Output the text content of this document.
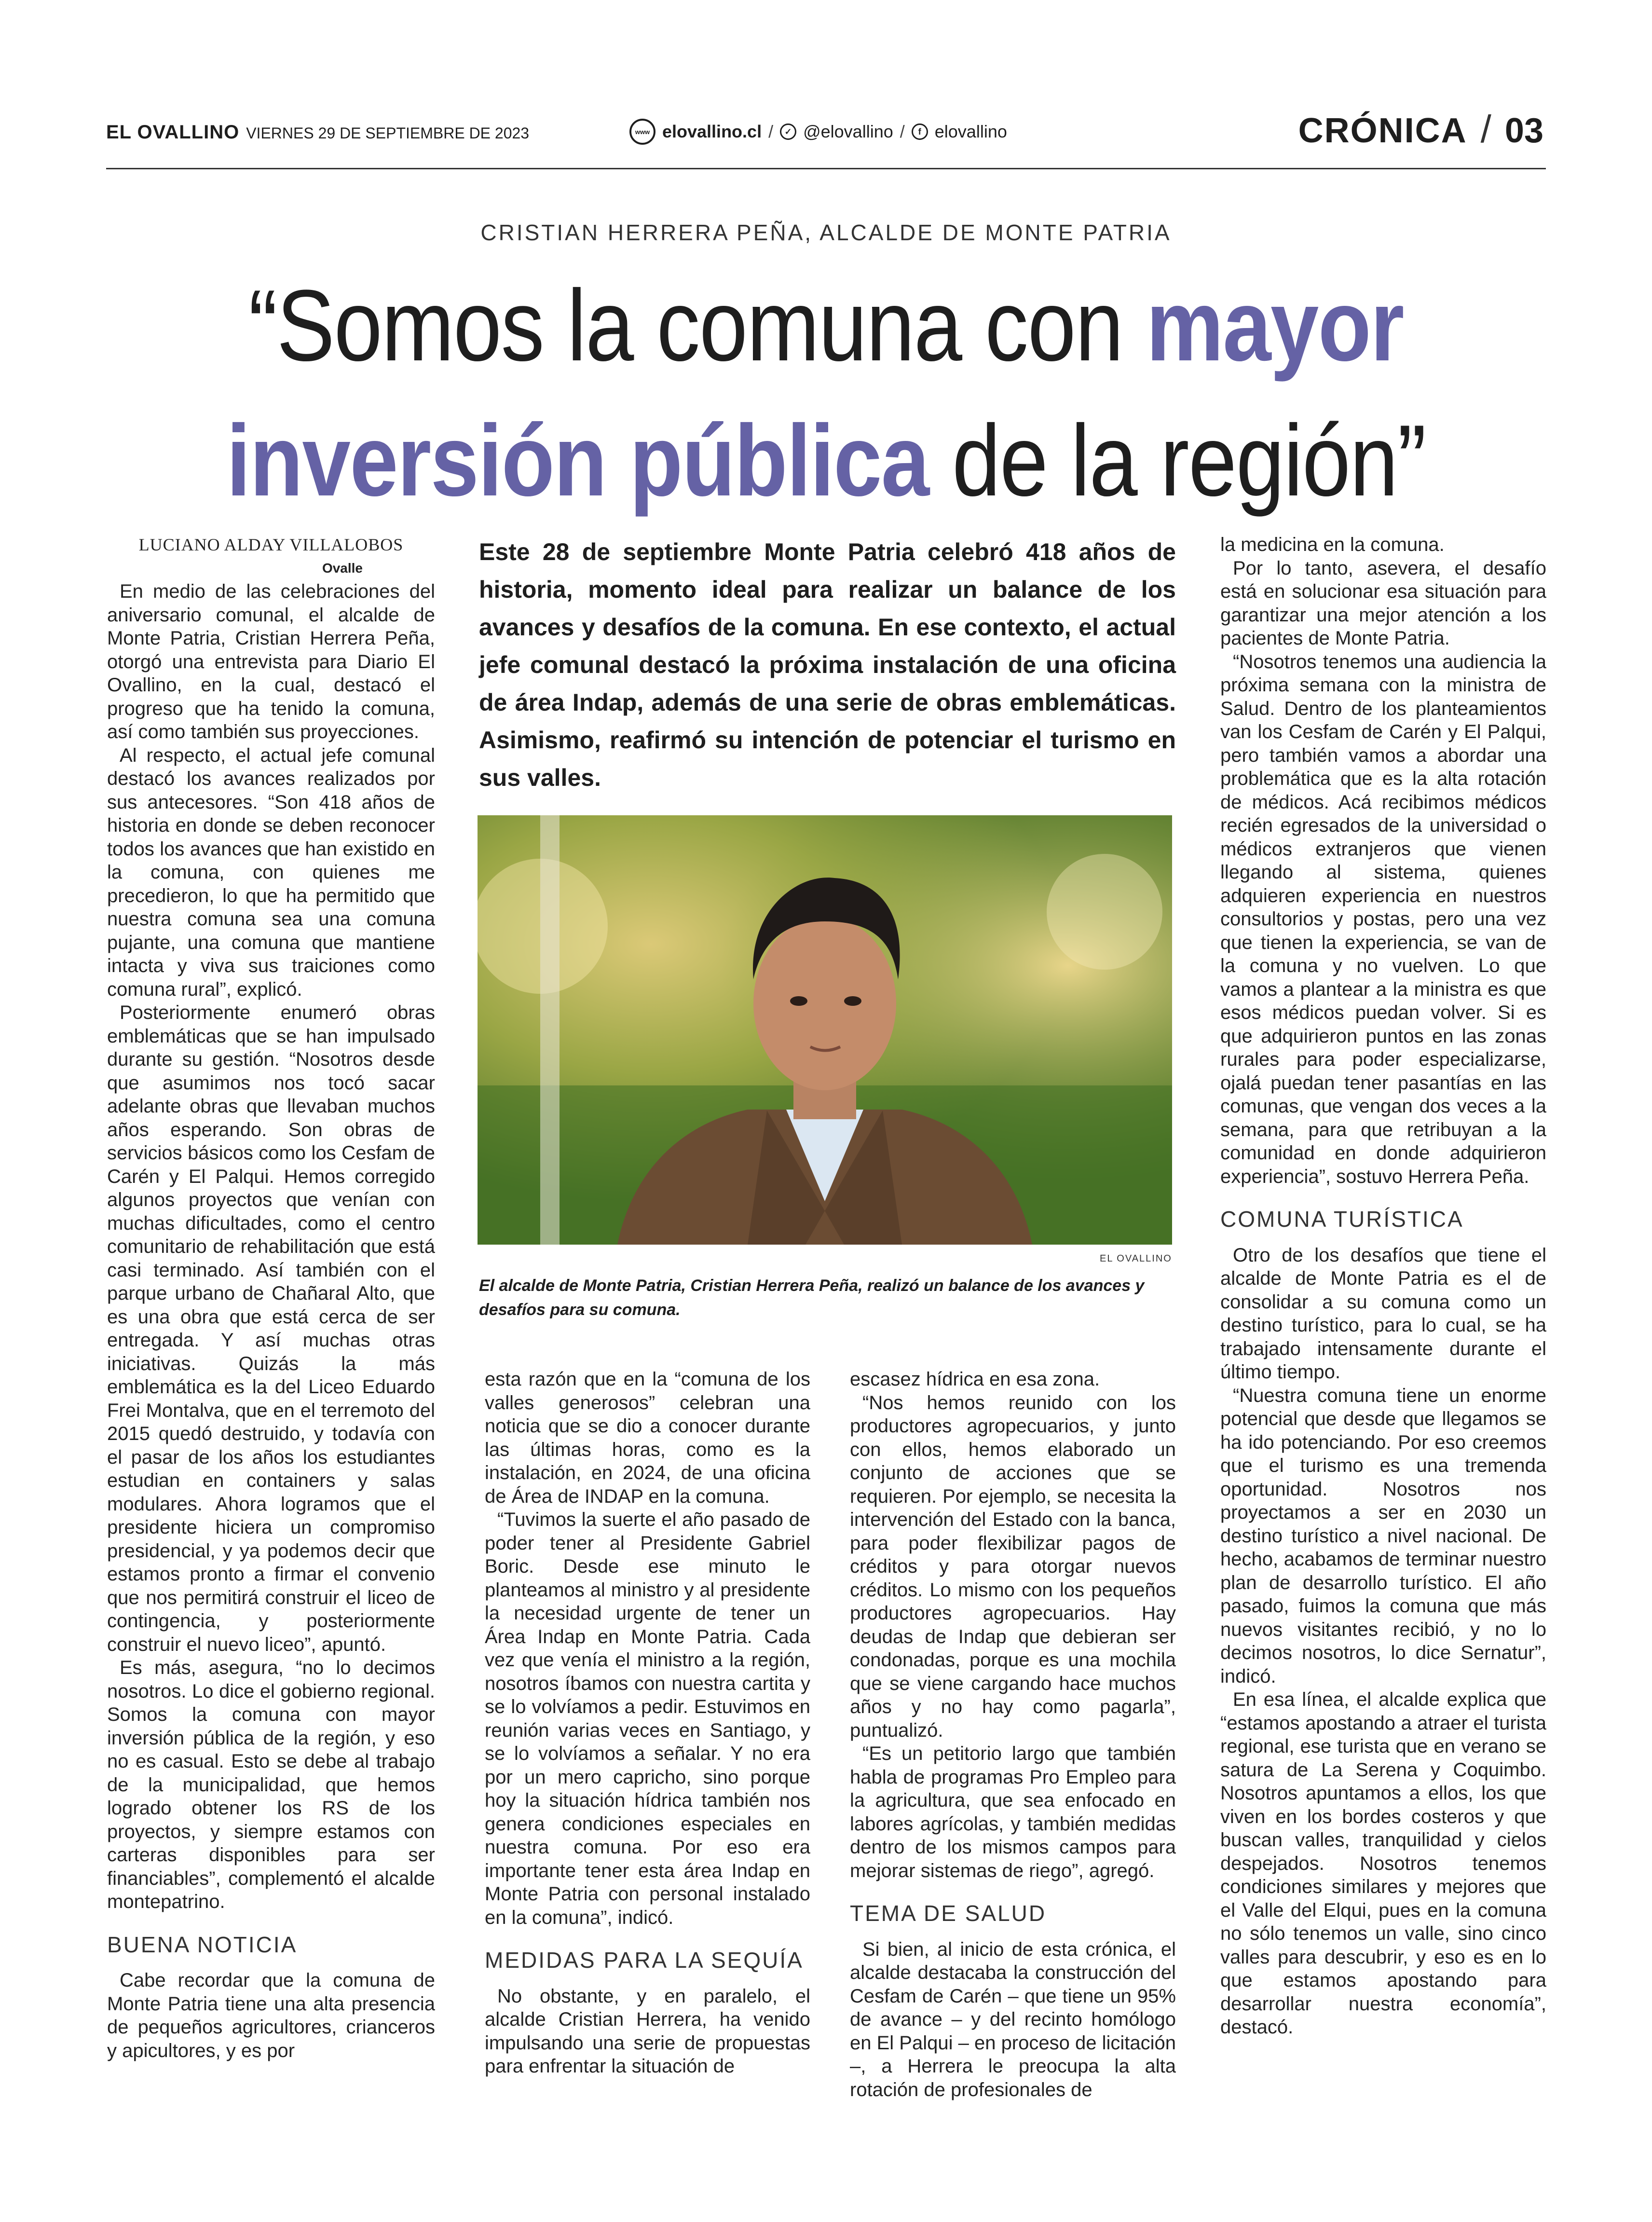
EL OVALLINO VIERNES 29 DE SEPTIEMBRE DE 2023	www elovallino.cl /	✓ @elovallino /	f elovallino	CRÓNICA / 03
CRISTIAN HERRERA PEÑA, ALCALDE DE MONTE PATRIA
“Somos la comuna con mayor
inversión pública de la región”
LUCIANO ALDAY VILLALOBOS
Ovalle

En medio de las celebraciones del aniversario comunal, el alcalde de Monte Patria, Cristian Herrera Peña, otorgó una entrevista para Diario El Ovallino, en la cual, destacó el progreso que ha tenido la comuna, así como también sus proyecciones.

Al respecto, el actual jefe comunal destacó los avances realizados por sus antecesores. “Son 418 años de historia en donde se deben reconocer todos los avances que han existido en la comuna, con quienes me precedieron, lo que ha permitido que nuestra comuna sea una comuna pujante, una comuna que mantiene intacta y viva sus traiciones como comuna rural”, explicó.

Posteriormente enumeró obras emblemáticas que se han impulsado durante su gestión. “Nosotros desde que asumimos nos tocó sacar adelante obras que llevaban muchos años esperando. Son obras de servicios básicos como los Cesfam de Carén y El Palqui. Hemos corregido algunos proyectos que venían con muchas dificultades, como el centro comunitario de rehabilitación que está casi terminado. Así también con el parque urbano de Chañaral Alto, que es una obra que está cerca de ser entregada. Y así muchas otras iniciativas. Quizás la más emblemática es la del Liceo Eduardo Frei Montalva, que en el terremoto del 2015 quedó destruido, y todavía con el pasar de los años los estudiantes estudian en containers y salas modulares. Ahora logramos que el presidente hiciera un compromiso presidencial, y ya podemos decir que estamos pronto a firmar el convenio que nos permitirá construir el liceo de contingencia, y posteriormente construir el nuevo liceo”, apuntó.

Es más, asegura, “no lo decimos nosotros. Lo dice el gobierno regional. Somos la comuna con mayor inversión pública de la región, y eso no es casual. Esto se debe al trabajo de la municipalidad, que hemos logrado obtener los RS de los proyectos, y siempre estamos con carteras disponibles para ser financiables”, complementó el alcalde montepatrino.

BUENA NOTICIA

Cabe recordar que la comuna de Monte Patria tiene una alta presencia de pequeños agricultores, crianceros y apicultores, y es por

Este 28 de septiembre Monte Patria celebró 418 años de historia, momento ideal para realizar un balance de los avances y desafíos de la comuna. En ese contexto, el actual jefe comunal destacó la próxima instalación de una oficina de área Indap, además de una serie de obras emblemáticas. Asimismo, reafirmó su intención de potenciar el turismo en sus valles.
EL OVALLINO
El alcalde de Monte Patria, Cristian Herrera Peña, realizó un balance de los avances y desafíos para su comuna.

esta razón que en la “comuna de los valles generosos” celebran una noticia que se dio a conocer durante las últimas horas, como es la instalación, en 2024, de una oficina de Área de INDAP en la comuna.

“Tuvimos la suerte el año pasado de poder tener al Presidente Gabriel Boric. Desde ese minuto le planteamos al ministro y al presidente la necesidad urgente de tener un Área Indap en Monte Patria. Cada vez que venía el ministro a la región, nosotros íbamos con nuestra cartita y se lo volvíamos a pedir. Estuvimos en reunión varias veces en Santiago, y se lo volvíamos a señalar. Y no era por un mero capricho, sino porque hoy la situación hídrica también nos genera condiciones especiales en nuestra comuna. Por eso era importante tener esta área Indap en Monte Patria con personal instalado en la comuna”, indicó.

MEDIDAS PARA LA SEQUÍA

No obstante, y en paralelo, el alcalde Cristian Herrera, ha venido impulsando una serie de propuestas para enfrentar la situación de

escasez hídrica en esa zona.

“Nos hemos reunido con los productores agropecuarios, y junto con ellos, hemos elaborado un conjunto de acciones que se requieren. Por ejemplo, se necesita la intervención del Estado con la banca, para poder flexibilizar pagos de créditos y para otorgar nuevos créditos. Lo mismo con los pequeños productores agropecuarios. Hay deudas de Indap que debieran ser condonadas, porque es una mochila que se viene cargando hace muchos años y no hay como pagarla”, puntualizó.

“Es un petitorio largo que también habla de programas Pro Empleo para la agricultura, que sea enfocado en labores agrícolas, y también medidas dentro de los mismos campos para mejorar sistemas de riego”, agregó.

TEMA DE SALUD

Si bien, al inicio de esta crónica, el alcalde destacaba la construcción del Cesfam de Carén – que tiene un 95% de avance – y del recinto homólogo en El Palqui – en proceso de licitación –, a Herrera le preocupa la alta rotación de profesionales de

la medicina en la comuna.

Por lo tanto, asevera, el desafío está en solucionar esa situación para garantizar una mejor atención a los pacientes de Monte Patria.

“Nosotros tenemos una audiencia la próxima semana con la ministra de Salud. Dentro de los planteamientos van los Cesfam de Carén y El Palqui, pero también vamos a abordar una problemática que es la alta rotación de médicos. Acá recibimos médicos recién egresados de la universidad o médicos extranjeros que vienen llegando al sistema, quienes adquieren experiencia en nuestros consultorios y postas, pero una vez que tienen la experiencia, se van de la comuna y no vuelven. Lo que vamos a plantear a la ministra es que esos médicos puedan volver. Si es que adquirieron puntos en las zonas rurales para poder especializarse, ojalá puedan tener pasantías en las comunas, que vengan dos veces a la semana, para que retribuyan a la comunidad en donde adquirieron experiencia”, sostuvo Herrera Peña.

COMUNA TURÍSTICA

Otro de los desafíos que tiene el alcalde de Monte Patria es el de consolidar a su comuna como un destino turístico, para lo cual, se ha trabajado intensamente durante el último tiempo.

“Nuestra comuna tiene un enorme potencial que desde que llegamos se ha ido potenciando. Por eso creemos que el turismo es una tremenda oportunidad. Nosotros nos proyectamos a ser en 2030 un destino turístico a nivel nacional. De hecho, acabamos de terminar nuestro plan de desarrollo turístico. El año pasado, fuimos la comuna que más nuevos visitantes recibió, y no lo decimos nosotros, lo dice Sernatur”, indicó.

En esa línea, el alcalde explica que “estamos apostando a atraer el turista regional, ese turista que en verano se satura de La Serena y Coquimbo. Nosotros apuntamos a ellos, los que viven en los bordes costeros y que buscan valles, tranquilidad y cielos despejados. Nosotros tenemos condiciones similares y mejores que el Valle del Elqui, pues en la comuna no sólo tenemos un valle, sino cinco valles para descubrir, y eso es en lo que estamos apostando para desarrollar nuestra economía”, destacó.
